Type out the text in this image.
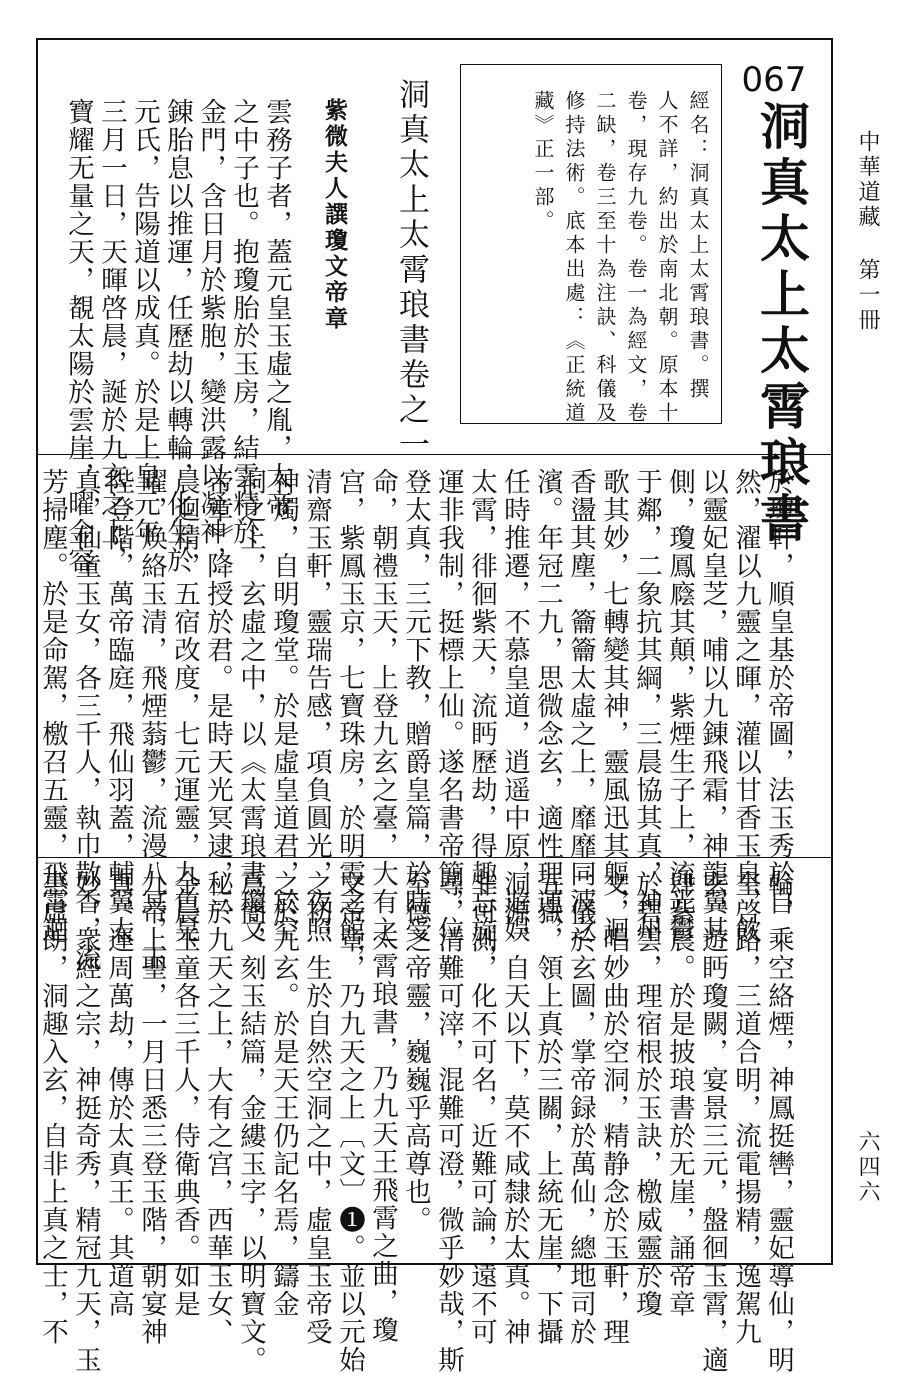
中華道藏 第一冊
六四六
067
洞真太上太霄琅書
經名：洞真太上太霄琅書。撰
人不詳，約出於南北朝。原本十
卷，現存九卷。卷一為經文，卷
二缺，卷三至十為注訣、科儀及
修持法術。底本出處：《正統道
藏》正一部。
洞真太上太霄琅書卷之一
紫微夫人譔瓊文帝章
雲務子者，蓋元皇玉虛之胤，太帝
之中子也。抱瓊胎於玉房，結雲精於
金門，含日月於紫胞，變洪露以凝神，
錬胎息以推運，任歷劫以轉輪，化生於
元氏，告陽道以成真。於是上皇元年
三月一日，天暉啓晨，誕於九玄之上，
寶耀无量之天，覩太陽於雲崖，曜金容
於瓊軒，順皇基於帝圖，法玉秀於自
然，濯以九靈之暉，灌以甘香玉泉，飲
以靈妃皇芝，哺以九錬飛霜，神龍翼其
側，瓊鳳廕其顛，紫煙生子上，流光鬱
于鄰，二象抗其綱，三晨協其真，神州
歌其妙，七轉變其神，靈風迅其軀，迴
香盪其塵，籥籥太虛之上，靡靡同波之
濱。年冠二九，思微念玄，適性理運，
任時推遷，不慕皇道，逍遥中原，遊娱
太霄，徘徊紫天，流眄歷劫，得趣忘旋，
運非我制，挺標上仙。遂名書帝簡，位
登太真，三元下教，贈爵皇篇，於時受
命，朝禮玉天，上登九玄之臺，大有之
宫，紫鳳玉京，七寶珠房，於明霞之館，
清齋玉軒，靈瑞告感，項負圓光，夜照
神燭，自明瓊堂。於是虛皇道君，於空
洞之上，玄虛之中，以《太霄琅書瓊文
帝章》降授於君。是時天光冥逮，三
晨迴精，五宿改度，七元運靈，九色晃
曜，焕絡玉清，飛煙蓊鬱，流漫八冥，玉
陛登階，萬帝臨庭，飛仙羽蓋，輔翼太
真，仙童玉女，各三千人，執巾散香，流
芳掃塵。於是命駕，檄召五靈，飛霄迴
輪，乘空絡煙，神鳳挺轡，靈妃導仙，明
皇啓路，三道合明，流電揚精，逸駕九
玄，遊眄瓊闕，宴景三元，盤徊玉霄，適
肆紫晨。於是披琅書於无崖，誦帝章
於碧雲，理宿根於玉訣，檄威靈於瓊
文，唱妙曲於空洞，精静念於玉軒，理
二儀於玄圖，掌帝録於萬仙，總地司於
五嶽，領上真於三關，上統无崖，下攝
洞源，自天以下，莫不咸隸於太真。神
非可測，化不可名，近難可論，遠不可
尋，清難可滓，混難可澄，微乎妙哉，斯
至德之帝靈，巍巍乎高尊也。
太霄琅書，乃九天王飛霄之曲，瓊
文帝章，乃九天之上〔文〕❶。並以元始
之初，生於自然空洞之中，虛皇玉帝受
之於九玄。於是天王仍記名焉，鑄金
爲簡，刻玉結篇，金縷玉字，以明寶文。
秘於九天之上，大有之宫，西華玉女、
金晨玉童各三千人，侍衛典香。如是
九帝上聖，一月日悉三登玉階，朝宴神
真，運周萬劫，傳於太真王。其道高
妙，衆經之宗，神挺奇秀，精冠九天，玉
惠虛朗，洞趣入玄，自非上真之士，不
